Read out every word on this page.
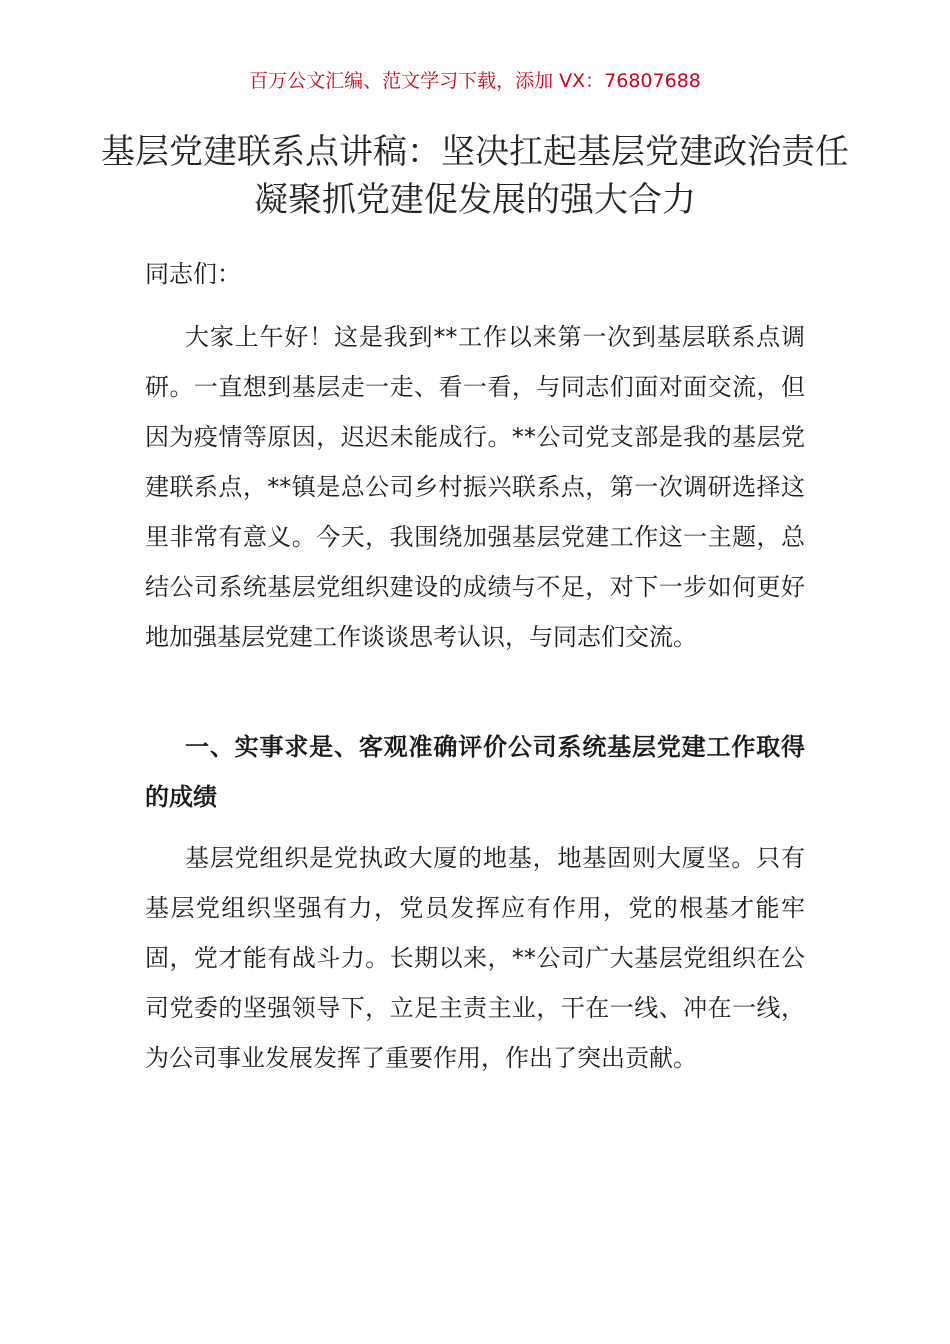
百万公文汇编、范文学习下载，添加 VX：76807688
基层党建联系点讲稿：坚决扛起基层党建政治责任 凝聚抓党建促发展的强大合力
同志们：
大家上午好！这是我到**工作以来第一次到基层联系点调研。一直想到基层走一走、看一看，与同志们面对面交流，但因为疫情等原因，迟迟未能成行。**公司党支部是我的基层党建联系点，**镇是总公司乡村振兴联系点，第一次调研选择这里非常有意义。今天，我围绕加强基层党建工作这一主题，总结公司系统基层党组织建设的成绩与不足，对下一步如何更好地加强基层党建工作谈谈思考认识，与同志们交流。
一、实事求是、客观准确评价公司系统基层党建工作取得的成绩
基层党组织是党执政大厦的地基，地基固则大厦坚。只有基层党组织坚强有力，党员发挥应有作用，党的根基才能牢固，党才能有战斗力。长期以来，**公司广大基层党组织在公司党委的坚强领导下，立足主责主业，干在一线、冲在一线，为公司事业发展发挥了重要作用，作出了突出贡献。
